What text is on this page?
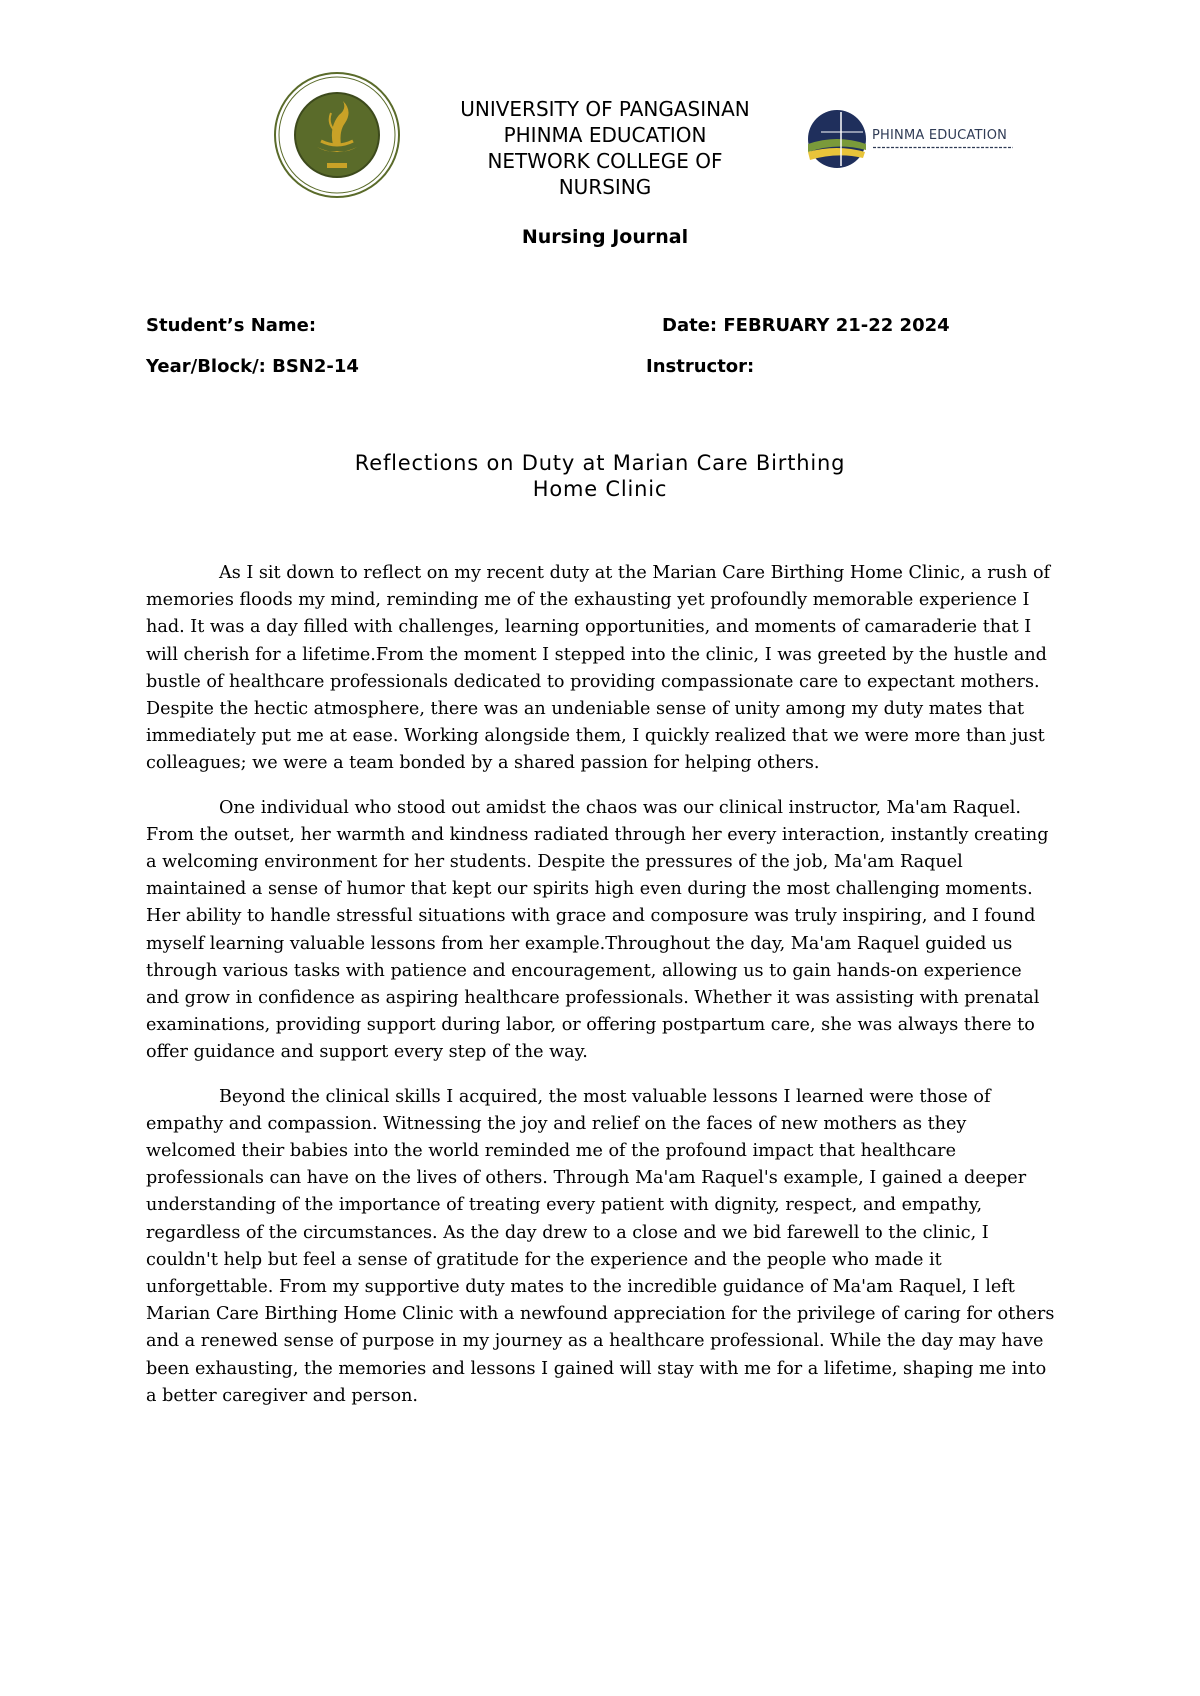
UNIVERSITY OF PANGASINAN
PHINMA EDUCATION
NETWORK COLLEGE OF
NURSING
PHINMA EDUCATION
Nursing Journal
Student’s Name:	Date: FEBRUARY 21-22 2024
Year/Block/: BSN2-14	Instructor:
Reflections on Duty at Marian Care Birthing
Home Clinic

As I sit down to reflect on my recent duty at the Marian Care Birthing Home Clinic, a rush of memories floods my mind, reminding me of the exhausting yet profoundly memorable experience I had. It was a day filled with challenges, learning opportunities, and moments of camaraderie that I will cherish for a lifetime.From the moment I stepped into the clinic, I was greeted by the hustle and bustle of healthcare professionals dedicated to providing compassionate care to expectant mothers. Despite the hectic atmosphere, there was an undeniable sense of unity among my duty mates that immediately put me at ease. Working alongside them, I quickly realized that we were more than just colleagues; we were a team bonded by a shared passion for helping others.

One individual who stood out amidst the chaos was our clinical instructor, Ma'am Raquel. From the outset, her warmth and kindness radiated through her every interaction, instantly creating a welcoming environment for her students. Despite the pressures of the job, Ma'am Raquel maintained a sense of humor that kept our spirits high even during the most challenging moments. Her ability to handle stressful situations with grace and composure was truly inspiring, and I found myself learning valuable lessons from her example.Throughout the day, Ma'am Raquel guided us through various tasks with patience and encouragement, allowing us to gain hands-on experience and grow in confidence as aspiring healthcare professionals. Whether it was assisting with prenatal examinations, providing support during labor, or offering postpartum care, she was always there to offer guidance and support every step of the way.

Beyond the clinical skills I acquired, the most valuable lessons I learned were those of empathy and compassion. Witnessing the joy and relief on the faces of new mothers as they welcomed their babies into the world reminded me of the profound impact that healthcare professionals can have on the lives of others. Through Ma'am Raquel's example, I gained a deeper understanding of the importance of treating every patient with dignity, respect, and empathy, regardless of the circumstances. As the day drew to a close and we bid farewell to the clinic, I couldn't help but feel a sense of gratitude for the experience and the people who made it unforgettable. From my supportive duty mates to the incredible guidance of Ma'am Raquel, I left Marian Care Birthing Home Clinic with a newfound appreciation for the privilege of caring for others and a renewed sense of purpose in my journey as a healthcare professional. While the day may have been exhausting, the memories and lessons I gained will stay with me for a lifetime, shaping me into a better caregiver and person.
